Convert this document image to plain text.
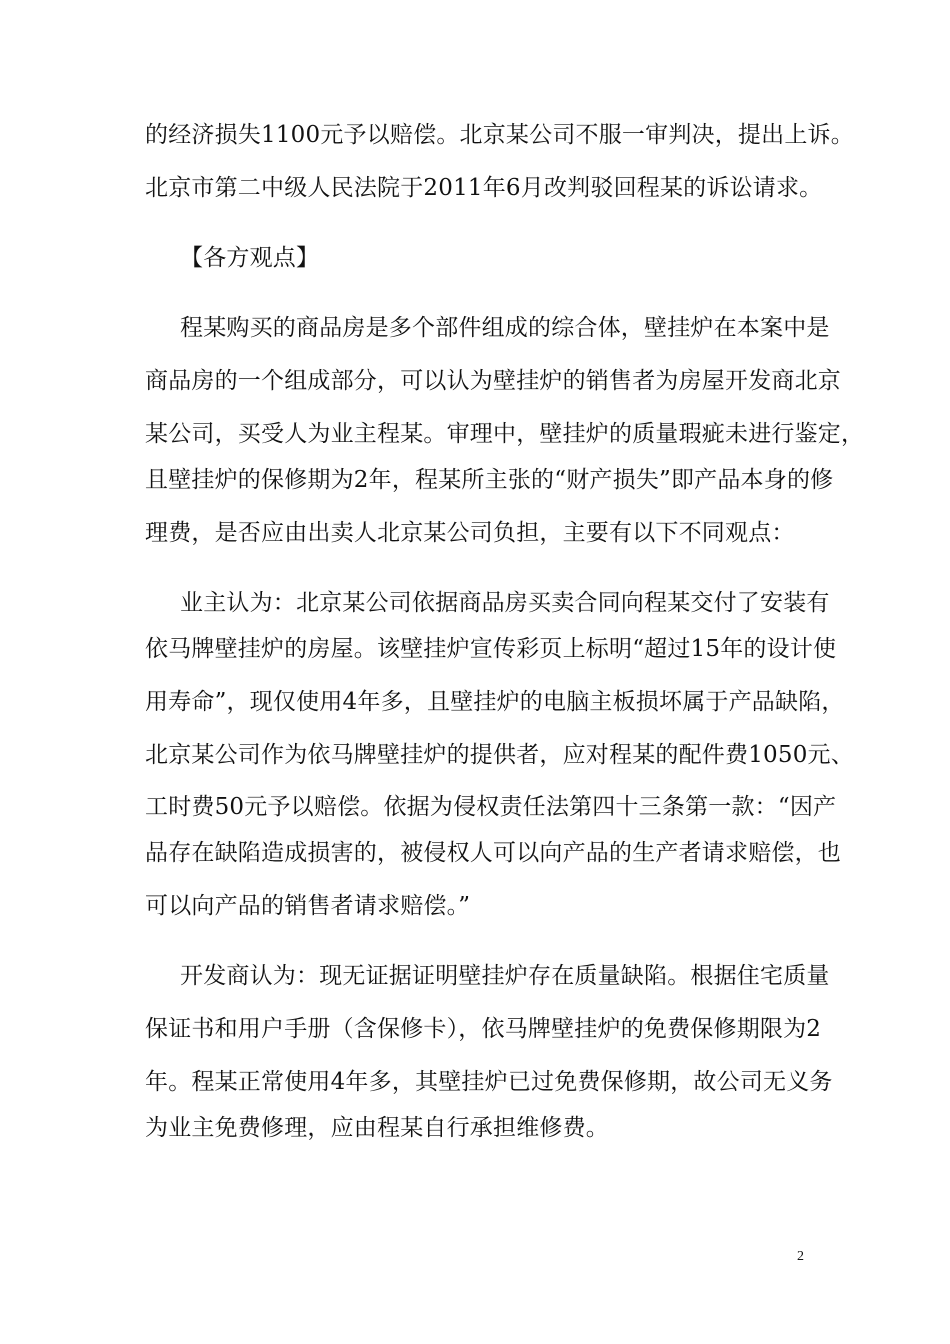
的经济损失1100元予以赔偿。北京某公司不服一审判决，提出上诉。
北京市第二中级人民法院于2011年6月改判驳回程某的诉讼请求。
【各方观点】
程某购买的商品房是多个部件组成的综合体，壁挂炉在本案中是
商品房的一个组成部分，可以认为壁挂炉的销售者为房屋开发商北京
某公司，买受人为业主程某。审理中，壁挂炉的质量瑕疵未进行鉴定，
且壁挂炉的保修期为2年，程某所主张的“财产损失”即产品本身的修
理费，是否应由出卖人北京某公司负担，主要有以下不同观点：
业主认为：北京某公司依据商品房买卖合同向程某交付了安装有
依马牌壁挂炉的房屋。该壁挂炉宣传彩页上标明“超过15年的设计使
用寿命”，现仅使用4年多，且壁挂炉的电脑主板损坏属于产品缺陷，
北京某公司作为依马牌壁挂炉的提供者，应对程某的配件费1050元、
工时费50元予以赔偿。依据为侵权责任法第四十三条第一款：“因产
品存在缺陷造成损害的，被侵权人可以向产品的生产者请求赔偿，也
可以向产品的销售者请求赔偿。”
开发商认为：现无证据证明壁挂炉存在质量缺陷。根据住宅质量
保证书和用户手册（含保修卡），依马牌壁挂炉的免费保修期限为2
年。程某正常使用4年多，其壁挂炉已过免费保修期，故公司无义务
为业主免费修理，应由程某自行承担维修费。
2
